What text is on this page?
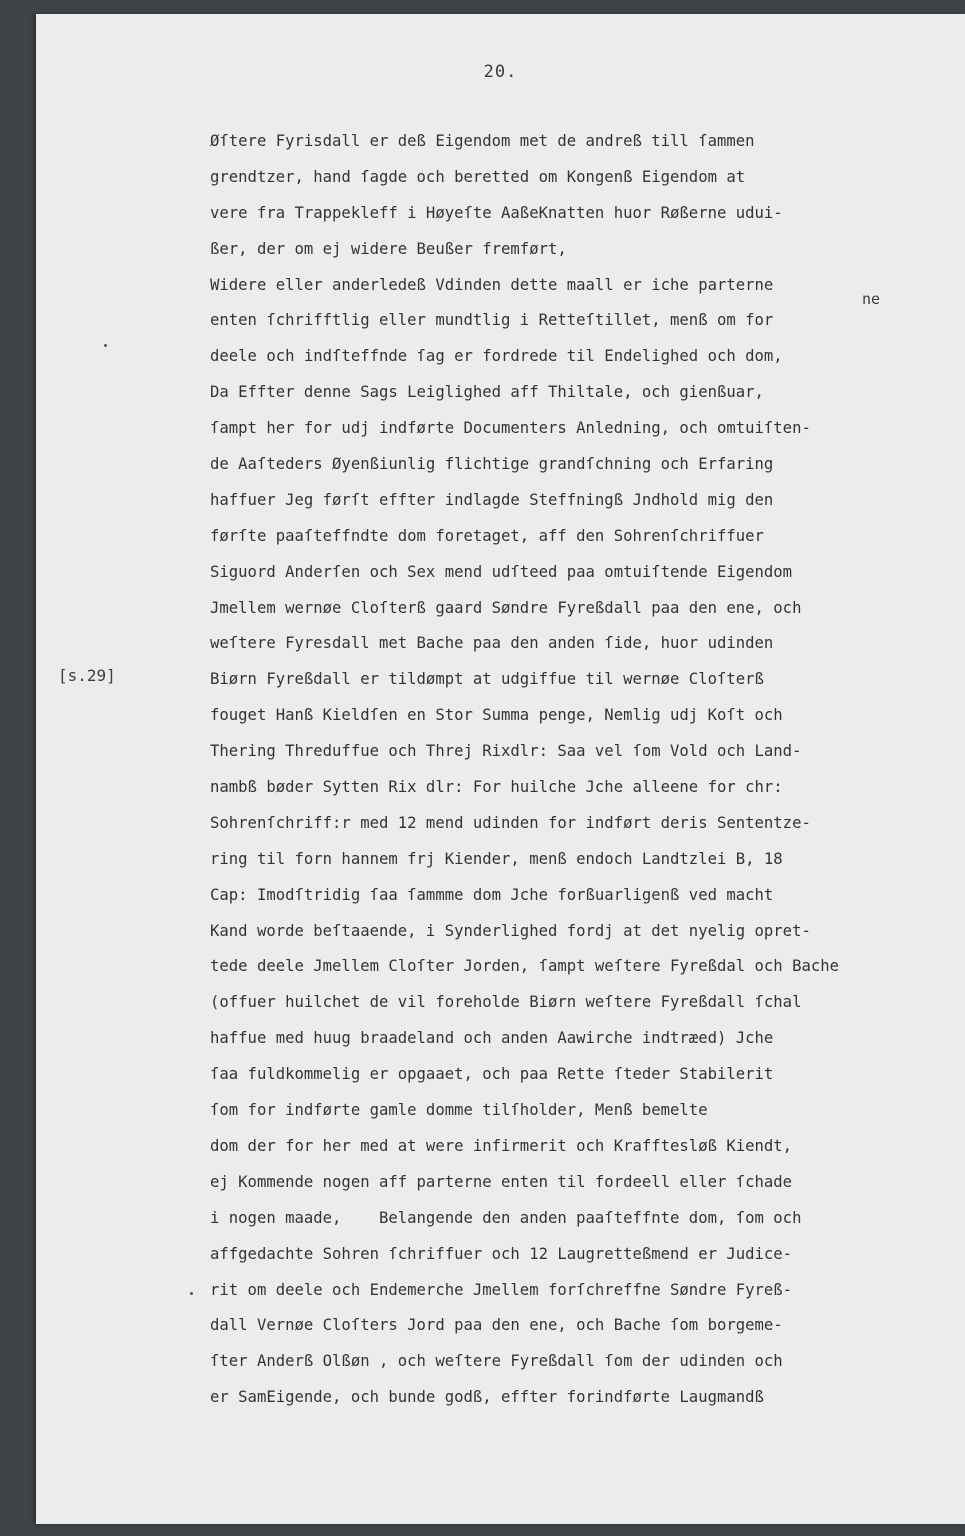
20.
[s.29]
ne
Øſtere Fyrisdall er deß Eigendom met de andreß till ſammen
grendtzer, hand ſagde och beretted om Kongenß Eigendom at
vere fra Trappekleff i Høyeſte AaßeKnatten huor Røßerne udui-
ßer, der om ej widere Beußer fremført,
Widere eller anderledeß Vdinden dette maall er iche parterne
enten ſchrifftlig eller mundtlig i Retteſtillet, menß om for
deele och indſteffnde ſag er fordrede til Endelighed och dom,
Da Effter denne Sags Leiglighed aff Thiltale, och gienßuar,
ſampt her for udj indførte Documenters Anledning, och omtuiſten-
de Aaſteders Øyenßiunlig flichtige grandſchning och Erfaring
haffuer Jeg førſt effter indlagde Steffningß Jndhold mig den
førſte paaſteffndte dom foretaget, aff den Sohrenſchriffuer
Siguord Anderſen och Sex mend udſteed paa omtuiſtende Eigendom
Jmellem wernøe Cloſterß gaard Søndre Fyreßdall paa den ene, och
weſtere Fyresdall met Bache paa den anden ſide, huor udinden
Biørn Fyreßdall er tildømpt at udgiffue til wernøe Cloſterß
fouget Hanß Kieldſen en Stor Summa penge, Nemlig udj Koſt och
Thering Threduffue och Threj Rixdlr: Saa vel ſom Vold och Land-
nambß bøder Sytten Rix dlr: For huilche Jche alleene for chr:
Sohrenſchriff:r med 12 mend udinden for indført deris Sententze-
ring til forn hannem frj Kiender, menß endoch Landtzlei B, 18
Cap: Imodſtridig ſaa ſammme dom Jche forßuarligenß ved macht
Kand worde beſtaaende, i Synderlighed fordj at det nyelig opret-
tede deele Jmellem Cloſter Jorden, ſampt weſtere Fyreßdal och Bache
(offuer huilchet de vil foreholde Biørn weſtere Fyreßdall ſchal
haffue med huug braadeland och anden Aawirche indtræed) Jche
ſaa fuldkommelig er opgaaet, och paa Rette ſteder Stabilerit
ſom for indførte gamle domme tilſholder, Menß bemelte
dom der for her med at were infirmerit och Krafftesløß Kiendt,
ej Kommende nogen aff parterne enten til fordeell eller ſchade
i nogen maade,    Belangende den anden paaſteffnte dom, ſom och
affgedachte Sohren ſchriffuer och 12 Laugretteßmend er Judice-
rit om deele och Endemerche Jmellem forſchreffne Søndre Fyreß-
dall Vernøe Cloſters Jord paa den ene, och Bache ſom borgeme-
ſter Anderß Olßøn , och weſtere Fyreßdall ſom der udinden och
er SamEigende, och bunde godß, effter forindførte Laugmandß
